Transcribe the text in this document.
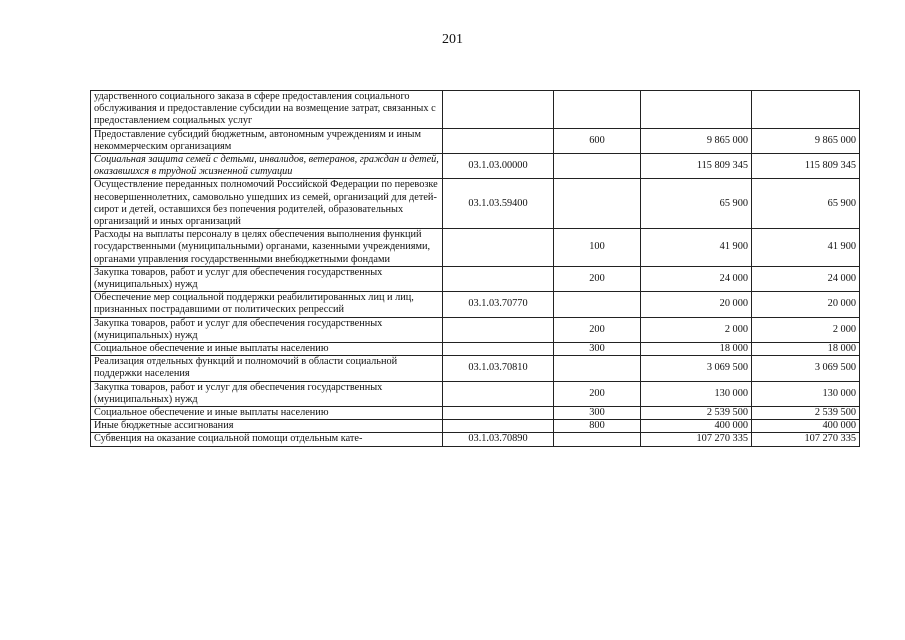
201
ударственного социального заказа в сфере предоставления социального обслуживания и предоставление субсидии на возмещение затрат, связанных с предоставлением социальных услуг				
Предоставление субсидий бюджетным, автономным учреждениям и иным некоммерческим организациям		600	9 865 000	9 865 000
Социальная защита семей с детьми, инвалидов, ветеранов, граждан и детей, оказавшихся в трудной жизненной ситуации	03.1.03.00000		115 809 345	115 809 345
Осуществление переданных полномочий Российской Федерации по перевозке несовершеннолетних, самовольно ушедших из семей, организаций для детей-сирот и детей, оставшихся без попечения родителей, образовательных организаций и иных организаций	03.1.03.59400		65 900	65 900
Расходы на выплаты персоналу в целях обеспечения выполнения функций государственными (муниципальными) органами, казенными учреждениями, органами управления государственными внебюджетными фондами		100	41 900	41 900
Закупка товаров, работ и услуг для обеспечения государственных (муниципальных) нужд		200	24 000	24 000
Обеспечение мер социальной поддержки реабилитированных лиц и лиц, признанных пострадавшими от политических репрессий	03.1.03.70770		20 000	20 000
Закупка товаров, работ и услуг для обеспечения государственных (муниципальных) нужд		200	2 000	2 000
Социальное обеспечение и иные выплаты населению		300	18 000	18 000
Реализация отдельных функций и полномочий в области социальной поддержки населения	03.1.03.70810		3 069 500	3 069 500
Закупка товаров, работ и услуг для обеспечения государственных (муниципальных) нужд		200	130 000	130 000
Социальное обеспечение и иные выплаты населению		300	2 539 500	2 539 500
Иные бюджетные ассигнования		800	400 000	400 000
Субвенция на оказание социальной помощи отдельным кате-	03.1.03.70890		107 270 335	107 270 335
